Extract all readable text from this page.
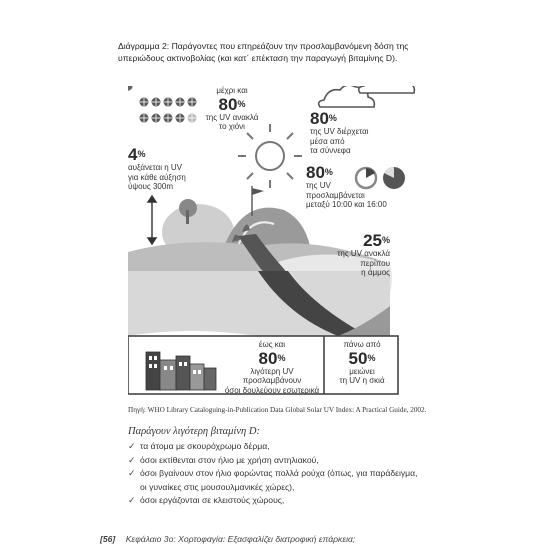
Διάγραμμα 2: Παράγοντες που επηρεάζουν την προσλαμβανόμενη δόση της υπεριώδους ακτινοβολίας (και κατ΄ επέκταση την παραγωγή βιταμίνης D).
μέχρι και
80%
της UV ανακλά
το χιόνι	80%
της UV διέρχεται
μέσα από
τα σύννεφα
4%
αυξάνεται η UV
για κάθε αύξηση
ύψους 300m
80%
της UV
προσλαμβάνεται
μεταξύ 10:00 και 16:00
25%
της UV ανακλά
περίπου
η άμμος
έως και
80%
λιγότερη UV προσλαμβάνουν
όσοι δουλεύουν εσωτερικά
πάνω από
50%
μειώνει
τη UV η σκιά
Πηγή: WHO Library Cataloguing-in-Publication Data Global Solar UV Index: A Practical Guide, 2002.
Παράγουν λιγότερη βιταμίνη D:
✓ τα άτομα με σκουρόχρωμο δέρμα,
✓ όσοι εκτίθενται στον ήλιο με χρήση αντηλιακού,
✓ όσοι βγαίνουν στον ήλιο φορώντας πολλά ρούχα (όπως, για παράδειγμα,
οι γυναίκες στις μουσουλμανικές χώρες),
✓ όσοι εργάζονται σε κλειστούς χώρους,
[56] Κεφάλαιο 3ο: Χορτοφαγία: Εξασφαλίζει διατροφική επάρκεια;
